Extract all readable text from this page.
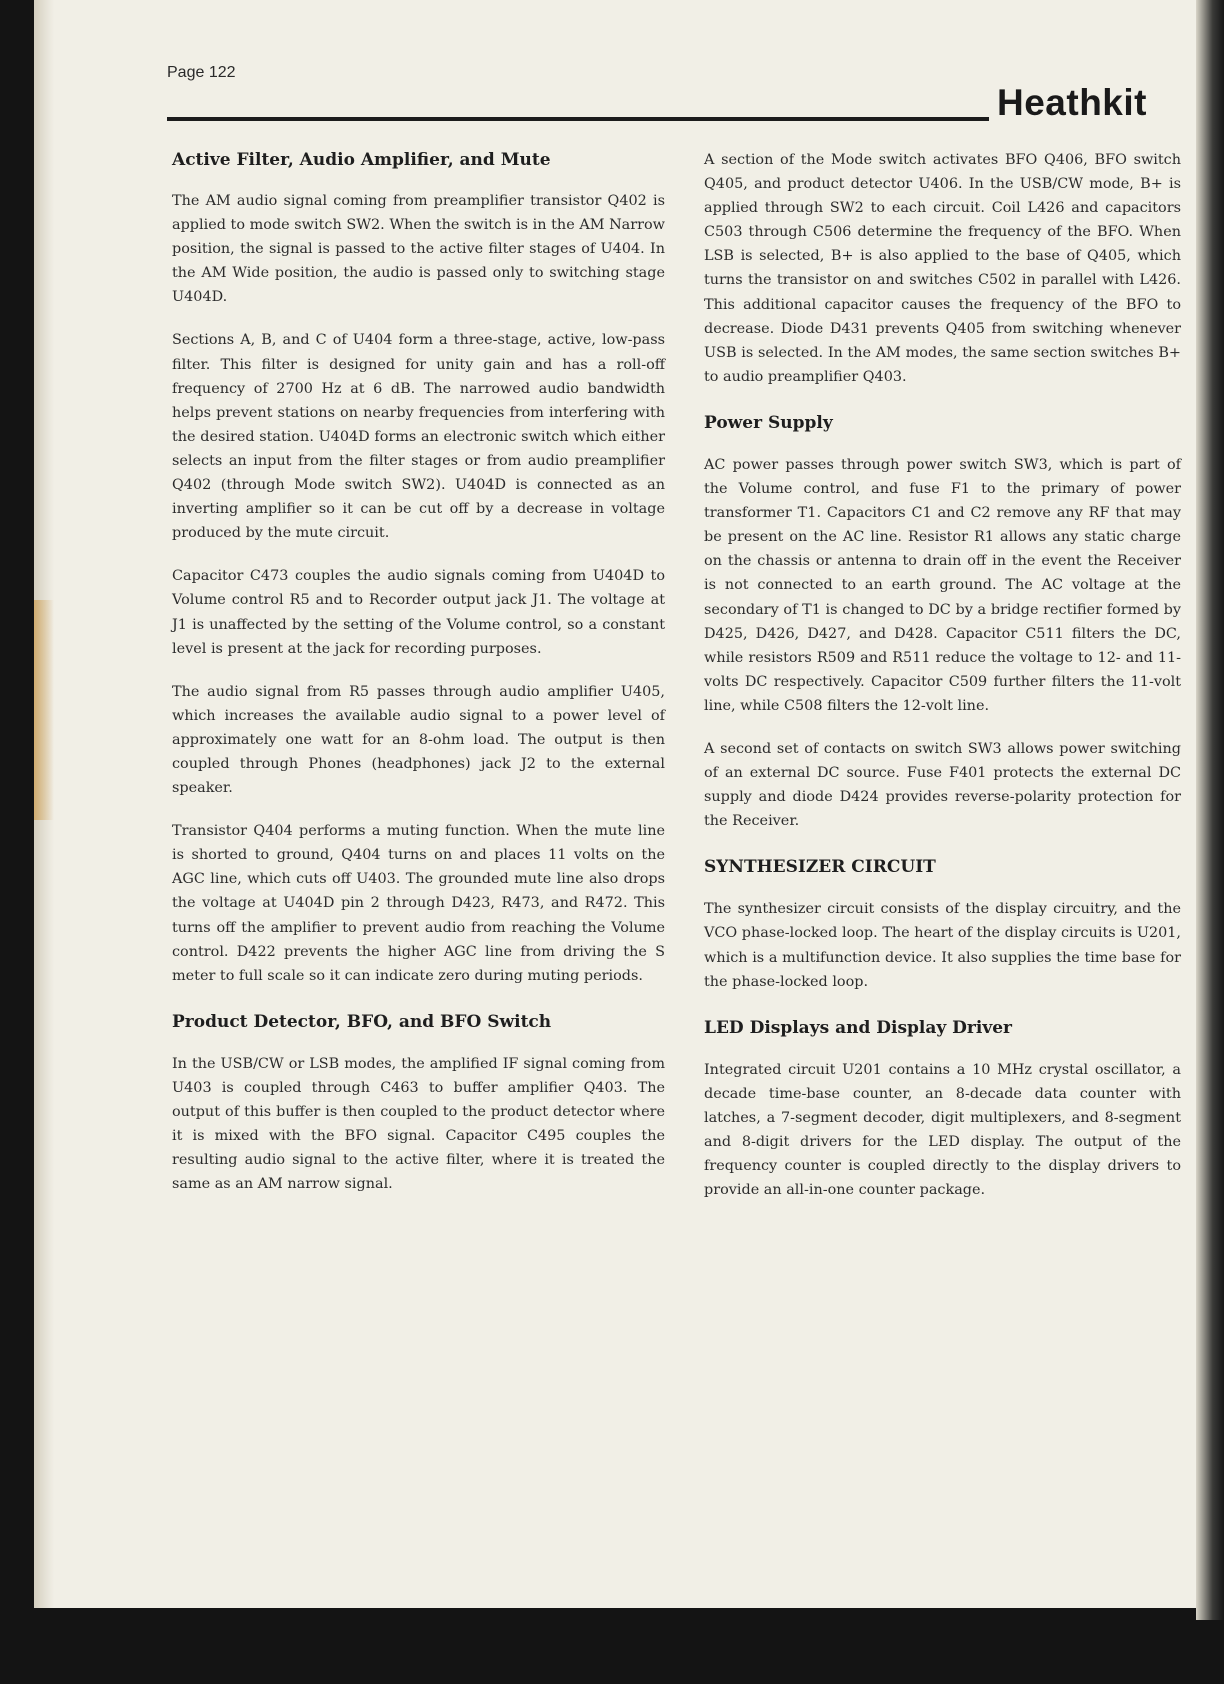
Page 122
Heathkit
Active Filter, Audio Amplifier, and Mute

The AM audio signal coming from preamplifier transistor Q402 is applied to mode switch SW2. When the switch is in the AM Narrow position, the signal is passed to the active filter stages of U404. In the AM Wide position, the audio is passed only to switching stage U404D.

Sections A, B, and C of U404 form a three-stage, active, low-pass filter. This filter is designed for unity gain and has a roll-off frequency of 2700 Hz at 6 dB. The narrowed audio bandwidth helps prevent stations on nearby frequencies from interfering with the desired station. U404D forms an electronic switch which either selects an input from the filter stages or from audio preamplifier Q402 (through Mode switch SW2). U404D is connected as an inverting amplifier so it can be cut off by a decrease in voltage produced by the mute circuit.

Capacitor C473 couples the audio signals coming from U404D to Volume control R5 and to Recorder output jack J1. The voltage at J1 is unaffected by the setting of the Volume control, so a constant level is present at the jack for recording purposes.

The audio signal from R5 passes through audio amplifier U405, which increases the available audio signal to a power level of approximately one watt for an 8-ohm load. The output is then coupled through Phones (headphones) jack J2 to the external speaker.

Transistor Q404 performs a muting function. When the mute line is shorted to ground, Q404 turns on and places 11 volts on the AGC line, which cuts off U403. The grounded mute line also drops the voltage at U404D pin 2 through D423, R473, and R472. This turns off the amplifier to prevent audio from reaching the Volume control. D422 prevents the higher AGC line from driving the S meter to full scale so it can indicate zero during muting periods.

Product Detector, BFO, and BFO Switch

In the USB/CW or LSB modes, the amplified IF signal coming from U403 is coupled through C463 to buffer amplifier Q403. The output of this buffer is then coupled to the product detector where it is mixed with the BFO signal. Capacitor C495 couples the resulting audio signal to the active filter, where it is treated the same as an AM narrow signal.

A section of the Mode switch activates BFO Q406, BFO switch Q405, and product detector U406. In the USB/CW mode, B+ is applied through SW2 to each circuit. Coil L426 and capacitors C503 through C506 determine the frequency of the BFO. When LSB is selected, B+ is also applied to the base of Q405, which turns the transistor on and switches C502 in parallel with L426. This additional capacitor causes the frequency of the BFO to decrease. Diode D431 prevents Q405 from switching whenever USB is selected. In the AM modes, the same section switches B+ to audio preamplifier Q403.

Power Supply

AC power passes through power switch SW3, which is part of the Volume control, and fuse F1 to the primary of power transformer T1. Capacitors C1 and C2 remove any RF that may be present on the AC line. Resistor R1 allows any static charge on the chassis or antenna to drain off in the event the Receiver is not connected to an earth ground. The AC voltage at the secondary of T1 is changed to DC by a bridge rectifier formed by D425, D426, D427, and D428. Capacitor C511 filters the DC, while resistors R509 and R511 reduce the voltage to 12- and 11-volts DC respectively. Capacitor C509 further filters the 11-volt line, while C508 filters the 12-volt line.

A second set of contacts on switch SW3 allows power switching of an external DC source. Fuse F401 protects the external DC supply and diode D424 provides reverse-polarity protection for the Receiver.

SYNTHESIZER CIRCUIT

The synthesizer circuit consists of the display circuitry, and the VCO phase-locked loop. The heart of the display circuits is U201, which is a multifunction device. It also supplies the time base for the phase-locked loop.

LED Displays and Display Driver

Integrated circuit U201 contains a 10 MHz crystal oscillator, a decade time-base counter, an 8-decade data counter with latches, a 7-segment decoder, digit multiplexers, and 8-segment and 8-digit drivers for the LED display. The output of the frequency counter is coupled directly to the display drivers to provide an all-in-one counter package.
